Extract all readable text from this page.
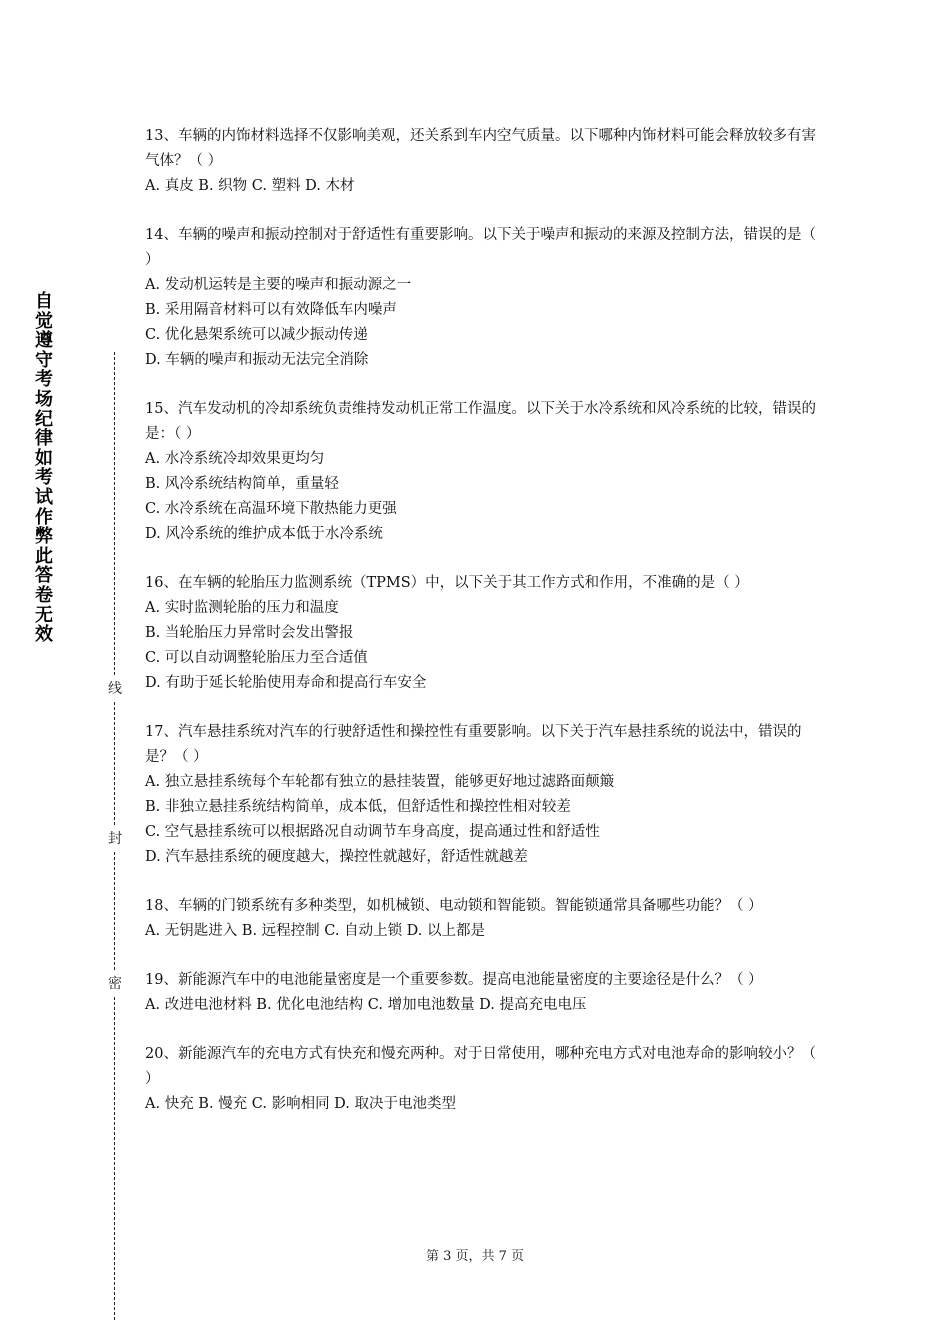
自
觉
遵
守
考
场
纪
律
如
考
试
作
弊
此
答
卷
无
效
线
封
密

13、车辆的内饰材料选择不仅影响美观，还关系到车内空气质量。以下哪种内饰材料可能会释放较多有害气体？（ ）

A. 真皮 B. 织物 C. 塑料 D. 木材

14、车辆的噪声和振动控制对于舒适性有重要影响。以下关于噪声和振动的来源及控制方法，错误的是（ ）

A. 发动机运转是主要的噪声和振动源之一

B. 采用隔音材料可以有效降低车内噪声

C. 优化悬架系统可以减少振动传递

D. 车辆的噪声和振动无法完全消除

15、汽车发动机的冷却系统负责维持发动机正常工作温度。以下关于水冷系统和风冷系统的比较，错误的是：（ ）

A. 水冷系统冷却效果更均匀

B. 风冷系统结构简单，重量轻

C. 水冷系统在高温环境下散热能力更强

D. 风冷系统的维护成本低于水冷系统

16、在车辆的轮胎压力监测系统（TPMS）中，以下关于其工作方式和作用，不准确的是（ ）

A. 实时监测轮胎的压力和温度

B. 当轮胎压力异常时会发出警报

C. 可以自动调整轮胎压力至合适值

D. 有助于延长轮胎使用寿命和提高行车安全

17、汽车悬挂系统对汽车的行驶舒适性和操控性有重要影响。以下关于汽车悬挂系统的说法中，错误的是？（ ）

A. 独立悬挂系统每个车轮都有独立的悬挂装置，能够更好地过滤路面颠簸

B. 非独立悬挂系统结构简单，成本低，但舒适性和操控性相对较差

C. 空气悬挂系统可以根据路况自动调节车身高度，提高通过性和舒适性

D. 汽车悬挂系统的硬度越大，操控性就越好，舒适性就越差

18、车辆的门锁系统有多种类型，如机械锁、电动锁和智能锁。智能锁通常具备哪些功能？（ ）

A. 无钥匙进入 B. 远程控制 C. 自动上锁 D. 以上都是

19、新能源汽车中的电池能量密度是一个重要参数。提高电池能量密度的主要途径是什么？（ ）

A. 改进电池材料 B. 优化电池结构 C. 增加电池数量 D. 提高充电电压

20、新能源汽车的充电方式有快充和慢充两种。对于日常使用，哪种充电方式对电池寿命的影响较小？（ ）

A. 快充 B. 慢充 C. 影响相同 D. 取决于电池类型

第 3 页，共 7 页
